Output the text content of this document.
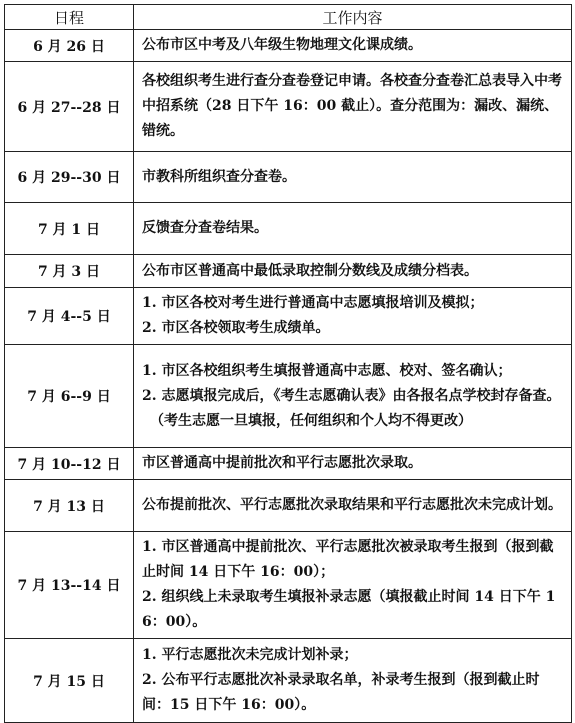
日程	工作内容
6 月 26 日	公布市区中考及八年级生物地理文化课成绩。

6 月 27--28 日	各校组织考生进行查分查卷登记申请。各校查分查卷汇总表导入中考中招系统（28 日下午 16：00 截止）。查分范围为：漏改、漏统、错统。

6 月 29--30 日	市教科所组织查分查卷。

7 月 1 日	反馈查分查卷结果。

7 月 3 日	公布市区普通高中最低录取控制分数线及成绩分档表。

7 月 4--5 日	1. 市区各校对考生进行普通高中志愿填报培训及模拟；
2. 市区各校领取考生成绩单。

7 月 6--9 日	1. 市区各校组织考生填报普通高中志愿、校对、签名确认；
2. 志愿填报完成后，《考生志愿确认表》由各报名点学校封存备查。
（考生志愿一旦填报，任何组织和个人均不得更改）

7 月 10--12 日	市区普通高中提前批次和平行志愿批次录取。

7 月 13 日	公布提前批次、平行志愿批次录取结果和平行志愿批次未完成计划。

7 月 13--14 日	1. 市区普通高中提前批次、平行志愿批次被录取考生报到（报到截止时间 14 日下午 16：00）；
2. 组织线上未录取考生填报补录志愿（填报截止时间 14 日下午 16：00）。

7 月 15 日	1. 平行志愿批次未完成计划补录；
2. 公布平行志愿批次补录录取名单，补录考生报到（报到截止时间：15 日下午 16：00）。
